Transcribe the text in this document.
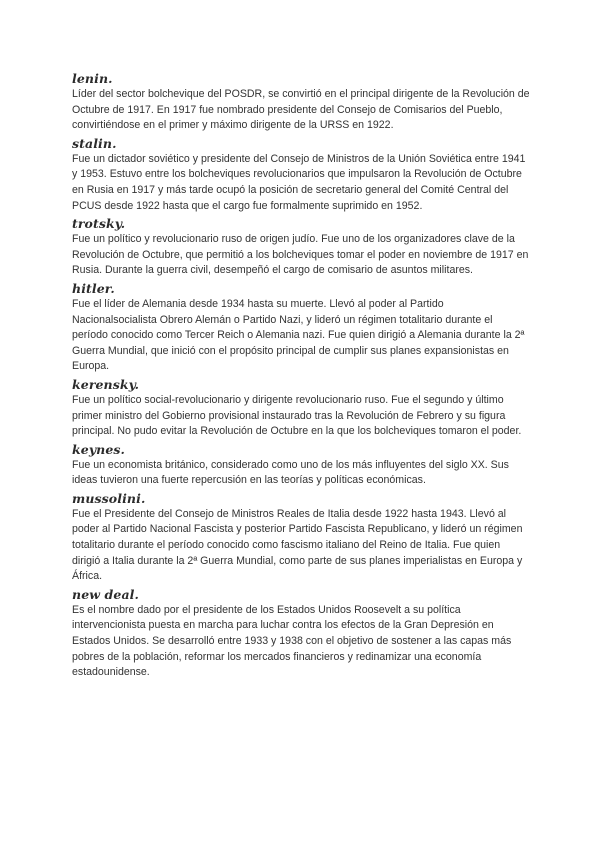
lenin.

Líder del sector bolchevique del POSDR, se convirtió en el principal dirigente de la Revolución de Octubre de 1917. En 1917 fue nombrado presidente del Consejo de Comisarios del Pueblo, convirtiéndose en el primer y máximo dirigente de la URSS en 1922.

stalin.

Fue un dictador soviético y presidente del Consejo de Ministros de la Unión Soviética entre 1941 y 1953. Estuvo entre los bolcheviques revolucionarios que impulsaron la Revolución de Octubre en Rusia en 1917 y más tarde ocupó la posición de secretario general del Comité Central del PCUS desde 1922 hasta que el cargo fue formalmente suprimido en 1952.

trotsky.

Fue un político y revolucionario ruso de origen judío. Fue uno de los organizadores clave de la Revolución de Octubre, que permitió a los bolcheviques tomar el poder en noviembre de 1917 en Rusia. Durante la guerra civil, desempeñó el cargo de comisario de asuntos militares.

hitler.

Fue el líder de Alemania desde 1934 hasta su muerte. Llevó al poder al Partido Nacionalsocialista Obrero Alemán o Partido Nazi, y lideró un régimen totalitario durante el período conocido como Tercer Reich o Alemania nazi. Fue quien dirigió a Alemania durante la 2ª Guerra Mundial, que inició con el propósito principal de cumplir sus planes expansionistas en Europa.

kerensky.

Fue un político social-revolucionario y dirigente revolucionario ruso. Fue el segundo y último primer ministro del Gobierno provisional instaurado tras la Revolución de Febrero y su figura principal. No pudo evitar la Revolución de Octubre en la que los bolcheviques tomaron el poder.

keynes.

Fue un economista británico, considerado como uno de los más influyentes del siglo XX. Sus ideas tuvieron una fuerte repercusión en las teorías y políticas económicas.

mussolini.

Fue el Presidente del Consejo de Ministros Reales de Italia desde 1922 hasta 1943. Llevó al poder al Partido Nacional Fascista y posterior Partido Fascista Republicano, y lideró un régimen totalitario durante el período conocido como fascismo italiano del Reino de Italia. Fue quien dirigió a Italia durante la 2ª Guerra Mundial, como parte de sus planes imperialistas en Europa y África.

new deal.

Es el nombre dado por el presidente de los Estados Unidos Roosevelt a su política intervencionista puesta en marcha para luchar contra los efectos de la Gran Depresión en Estados Unidos. Se desarrolló entre 1933 y 1938 con el objetivo de sostener a las capas más pobres de la población, reformar los mercados financieros y redinamizar una economía estadounidense.
